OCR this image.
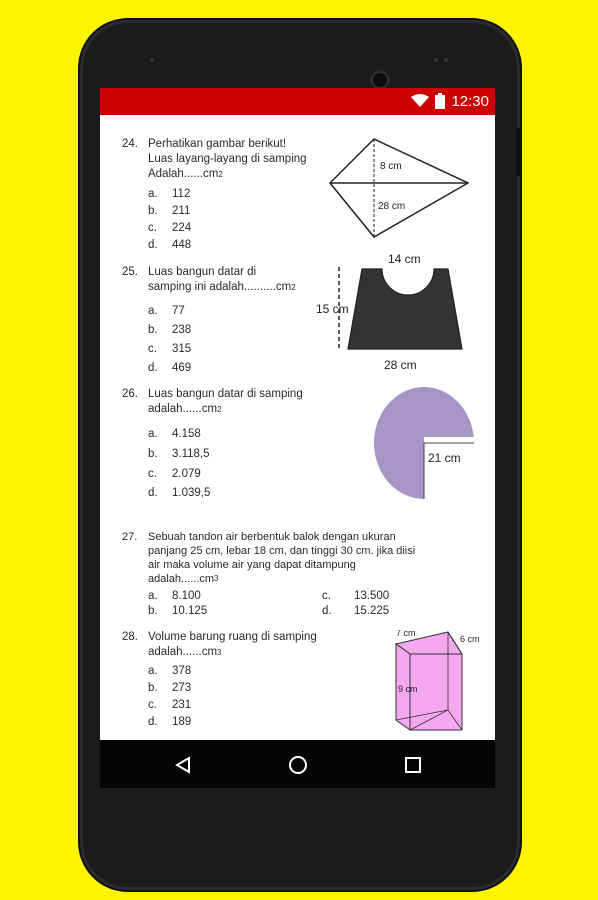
12:30
24. Perhatikan gambar berikut!
Luas layang-layang di samping
$Adalah......cm^2$
a. 112
b. 211
c. 224
d. 448
8 cm
28 cm
25. Luas bangun datar di
samping ini $adalah..........cm^2$
a. 77
b. 238
c. 315
d. 469
14 cm
15 cm
28 cm
26. Luas bangun datar di samping
$adalah......cm^2$
a. 4.158
b. 3.118,5
c. 2.079
d. 1.039,5
21 cm
27. Sebuah tandon air berbentuk balok dengan ukuran
panjang 25 cm, lebar 18 cm, dan tinggi 30 cm. jika diisi
air maka volume air yang dapat ditampung
$adalah......cm^3$
a. 8.100	c. 13.500
b. 10.125	d. 15.225
28. Volume barung ruang di samping
$adalah......cm^3$
a. 378
b. 273
c. 231
d. 189
7 cm
6 cm
9 cm
